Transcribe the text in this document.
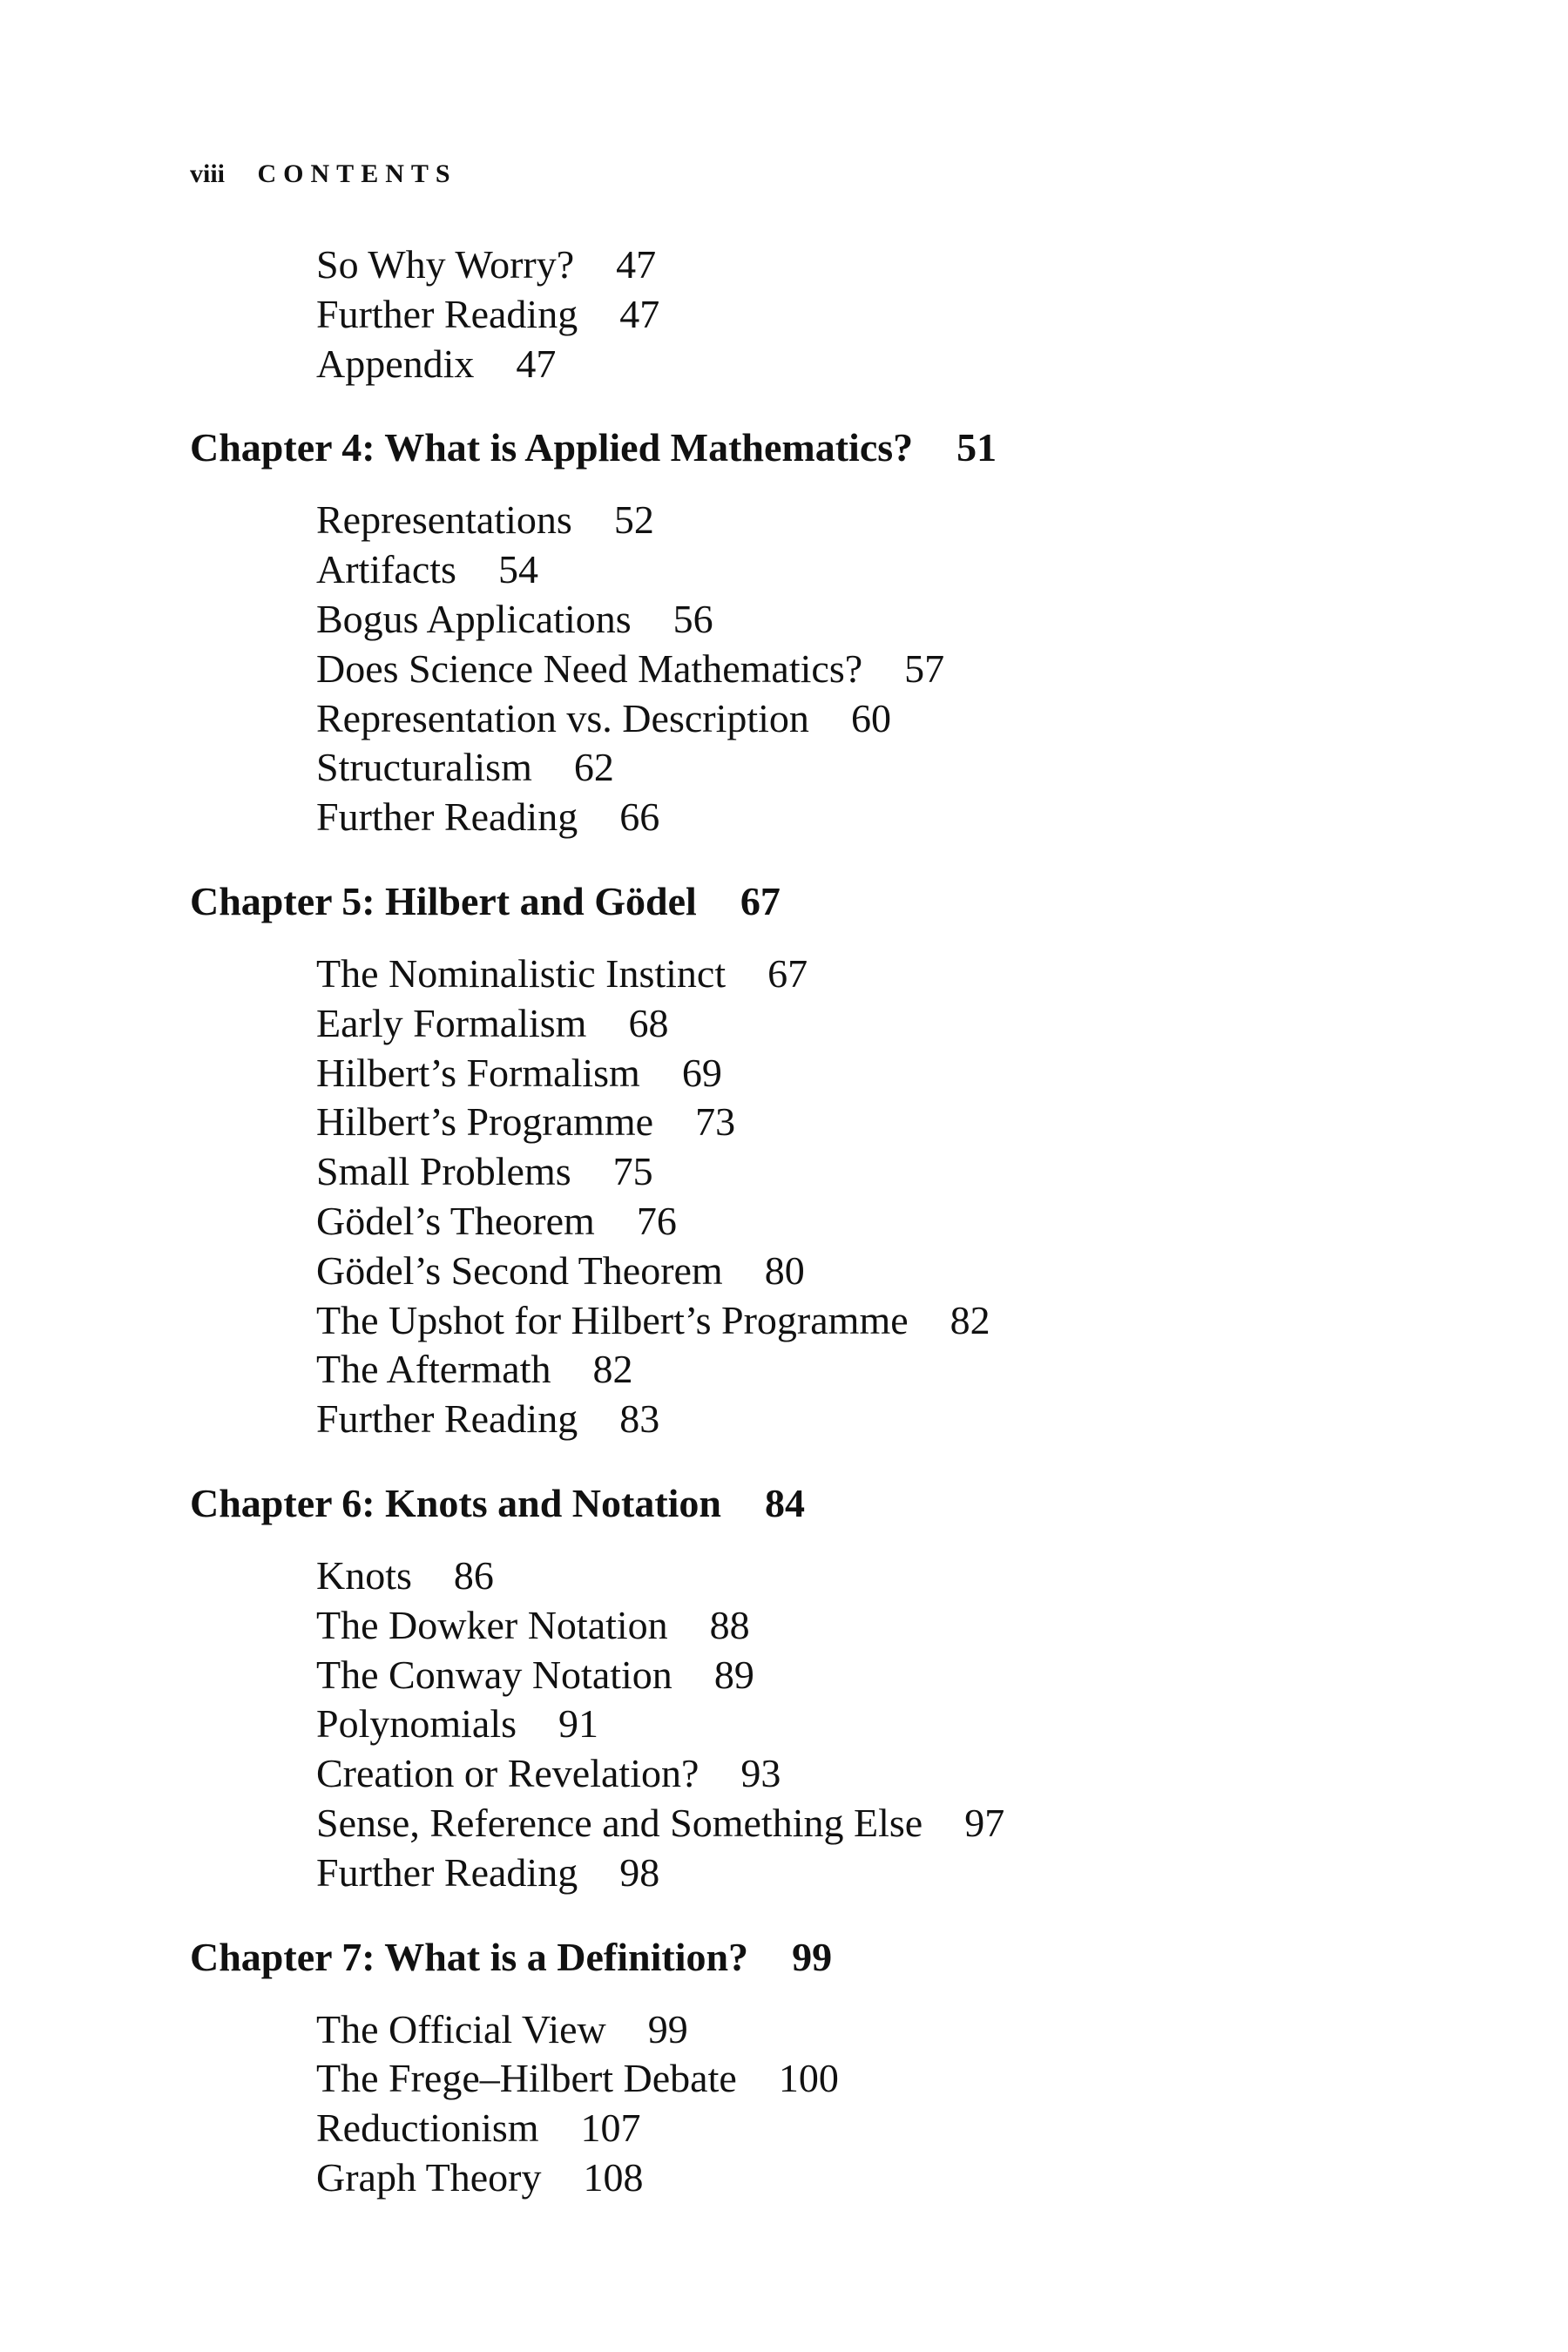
viii CONTENTS
So Why Worry? 47
Further Reading 47
Appendix 47
Chapter 4: What is Applied Mathematics? 51
Representations 52
Artifacts 54
Bogus Applications 56
Does Science Need Mathematics? 57
Representation vs. Description 60
Structuralism 62
Further Reading 66
Chapter 5: Hilbert and Gödel 67
The Nominalistic Instinct 67
Early Formalism 68
Hilbert’s Formalism 69
Hilbert’s Programme 73
Small Problems 75
Gödel’s Theorem 76
Gödel’s Second Theorem 80
The Upshot for Hilbert’s Programme 82
The Aftermath 82
Further Reading 83
Chapter 6: Knots and Notation 84
Knots 86
The Dowker Notation 88
The Conway Notation 89
Polynomials 91
Creation or Revelation? 93
Sense, Reference and Something Else 97
Further Reading 98
Chapter 7: What is a Definition? 99
The Official View 99
The Frege–Hilbert Debate 100
Reductionism 107
Graph Theory 108
